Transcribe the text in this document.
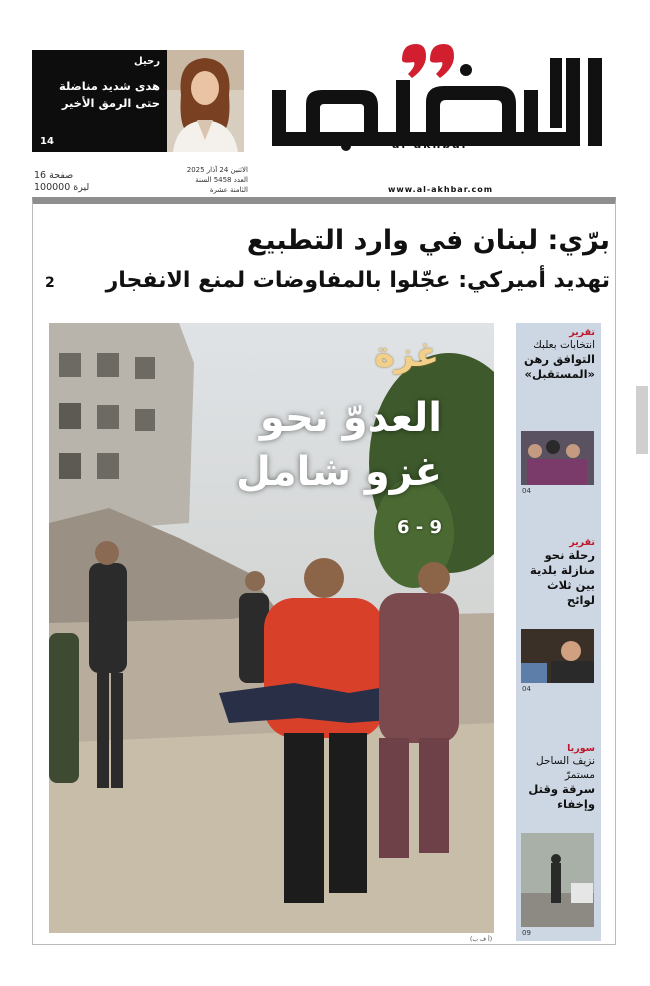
رحيل
هدى شديد مناضلة حتى الرمق الأخير
14	al-akhbar
16 صفحة
100000 ليرة
الاثنين 24 آذار 2025
العدد 5458 السنة الثامنة عشرة
lundi 24 Mars 2025 n° 5458 18ème année
www.al-akhbar.com
برّي: لبنان في وارد التطبيع
تهديد أميركي: عجّلوا بالمفاوضات لمنع الانفجار
2
غزة
العدوّ نحو غزو شامل
6 - 9
(أ ف ب)
تقرير
انتخابات بعلبك
التوافق رهن «المستقبل»
04
تقرير
رحلة نحو منازلة بلدية بين ثلاث لوائح
04
سوريا
نزيف الساحل مستمرّ
سرقة وقتل وإخفاء
09
